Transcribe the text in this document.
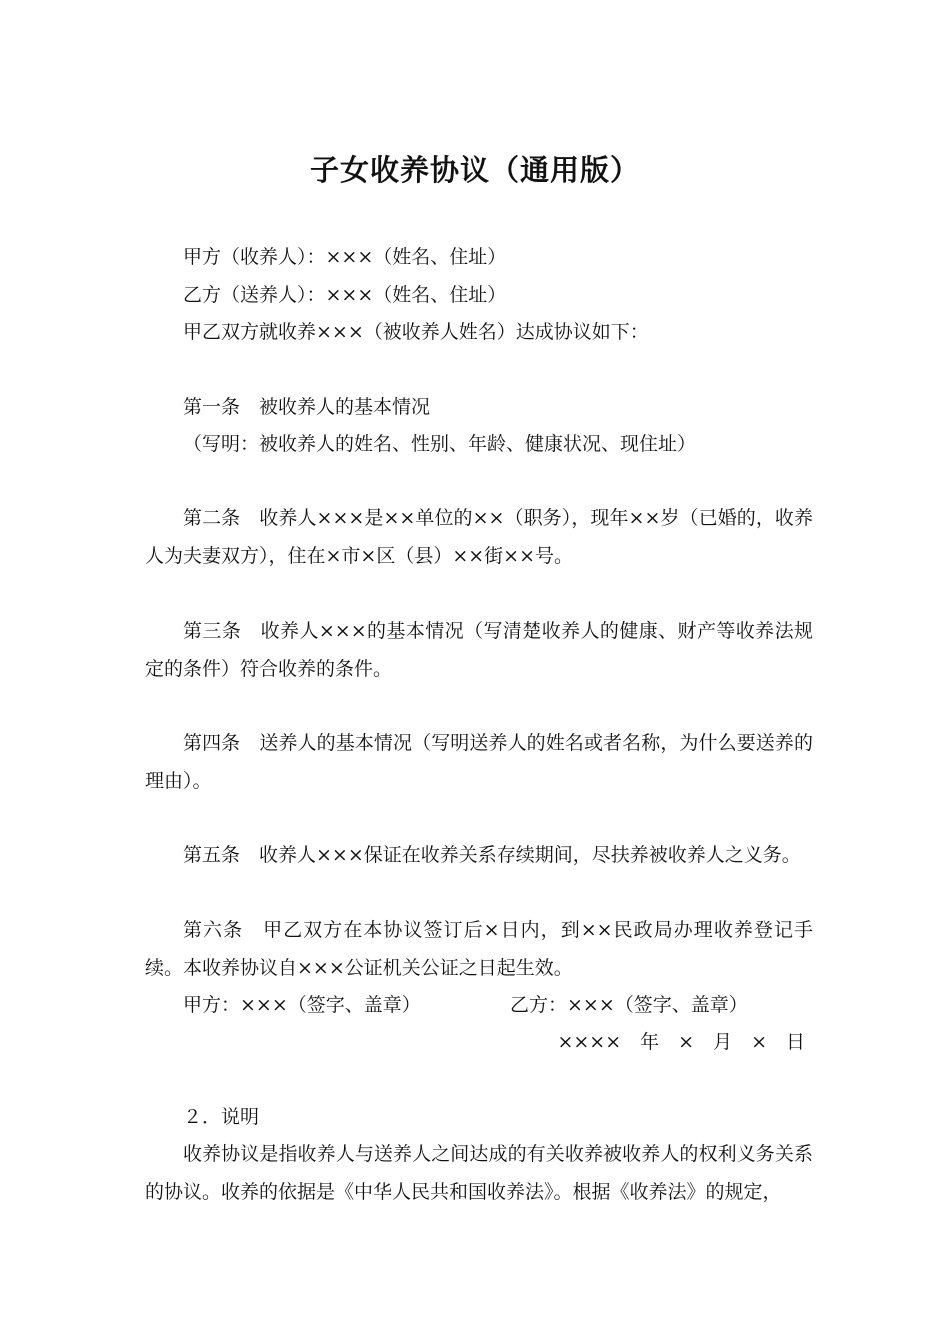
子女收养协议（通用版）
甲方（收养人）：×××（姓名、住址）
乙方（送养人）：×××（姓名、住址）
甲乙双方就收养×××（被收养人姓名）达成协议如下：
第一条　被收养人的基本情况
（写明：被收养人的姓名、性别、年龄、健康状况、现住址）
第二条　收养人×××是××单位的××（职务），现年××岁（已婚的，收养人为夫妻双方），住在×市×区（县）××街××号。
第三条　收养人×××的基本情况（写清楚收养人的健康、财产等收养法规定的条件）符合收养的条件。
第四条　送养人的基本情况（写明送养人的姓名或者名称，为什么要送养的理由）。
第五条　收养人×××保证在收养关系存续期间，尽扶养被收养人之义务。
第六条　甲乙双方在本协议签订后×日内，到××民政局办理收养登记手续。本收养协议自×××公证机关公证之日起生效。
甲方：×××（签字、盖章）	乙方：×××（签字、盖章）
××××　年　×　月　×　日
２．说明
收养协议是指收养人与送养人之间达成的有关收养被收养人的权利义务关系的协议。收养的依据是《中华人民共和国收养法》。根据《收养法》的规定，
